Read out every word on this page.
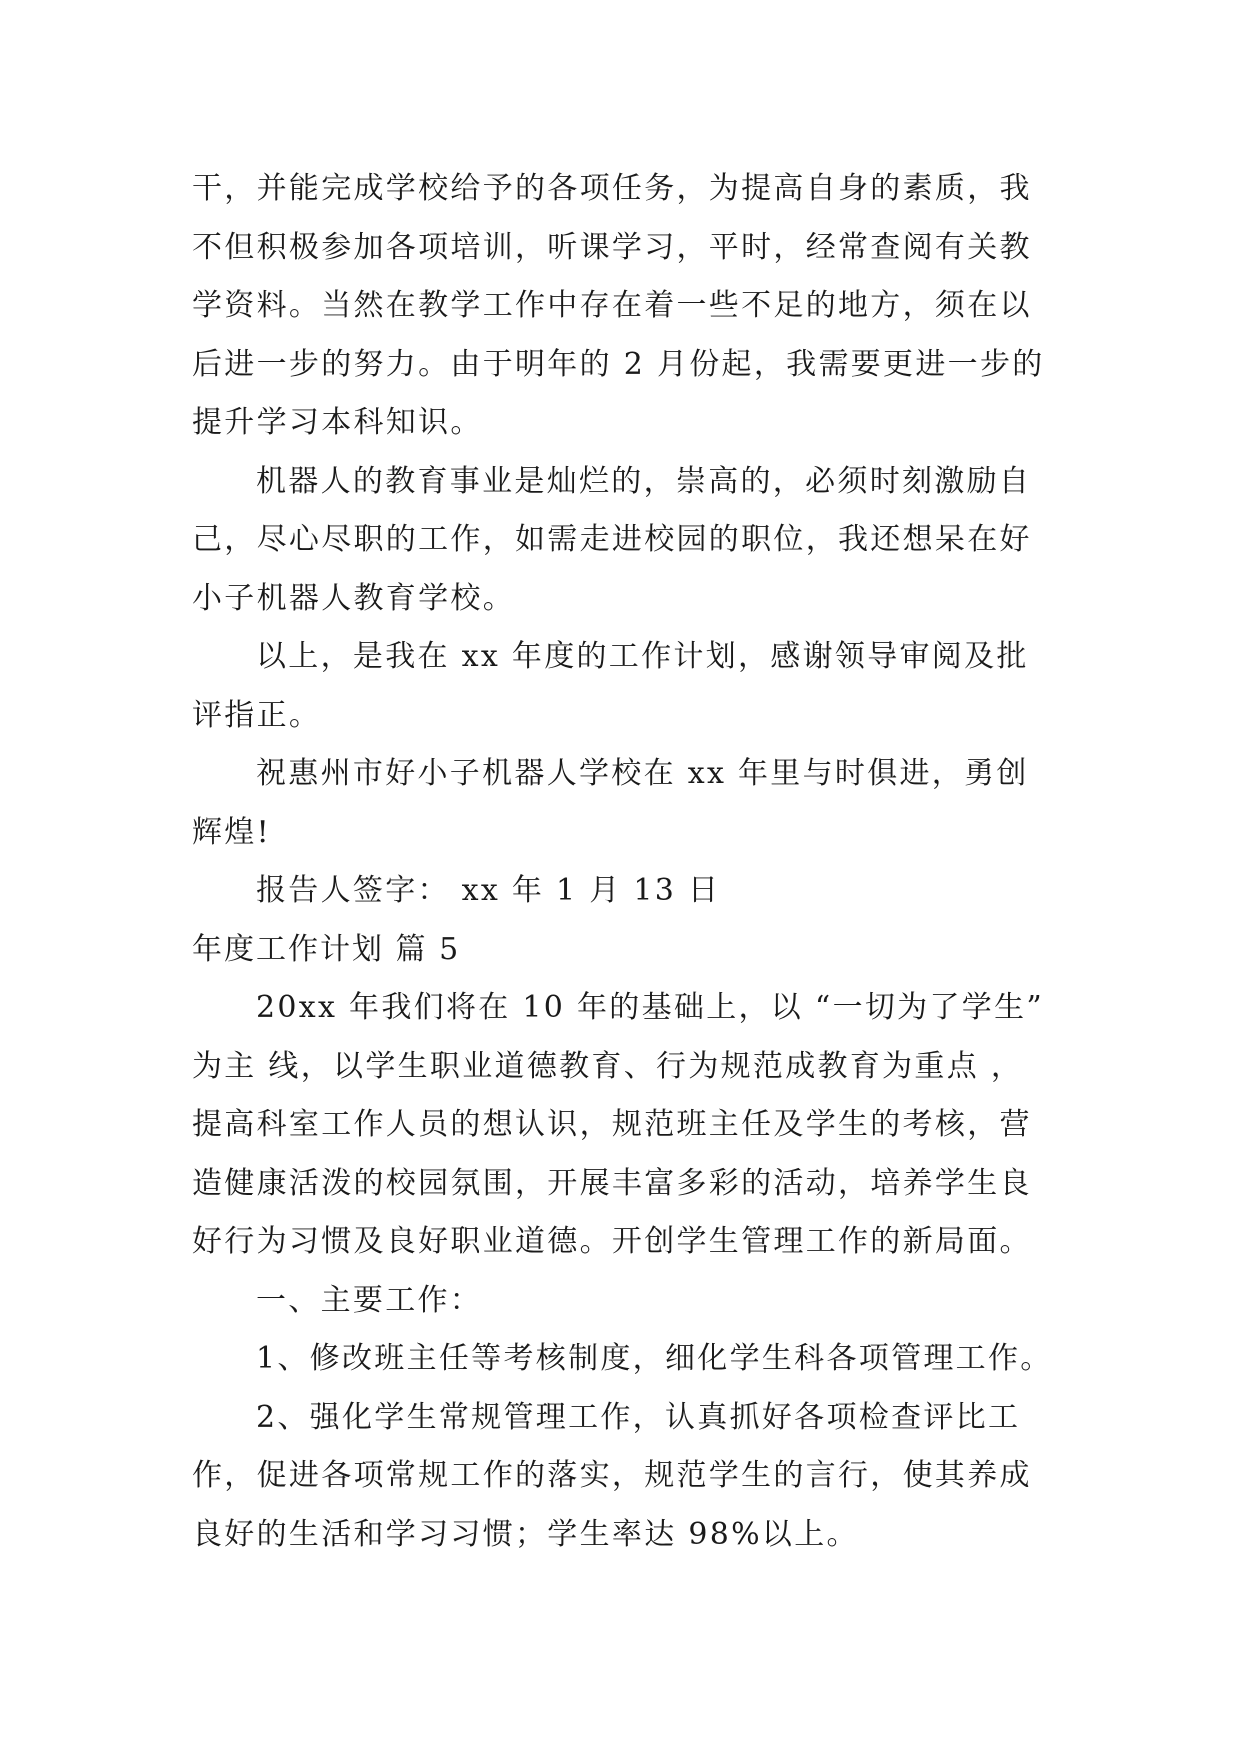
干，并能完成学校给予的各项任务，为提高自身的素质，我

不但积极参加各项培训，听课学习，平时，经常查阅有关教

学资料。当然在教学工作中存在着一些不足的地方，须在以

后进一步的努力。由于明年的 2 月份起，我需要更进一步的

提升学习本科知识。

机器人的教育事业是灿烂的，崇高的，必须时刻激励自

己，尽心尽职的工作，如需走进校园的职位，我还想呆在好

小子机器人教育学校。

以上，是我在 xx 年度的工作计划，感谢领导审阅及批

评指正。

祝惠州市好小子机器人学校在 xx 年里与时俱进，勇创

辉煌!

报告人签字： xx 年 1 月 13 日

年度工作计划 篇 5

20xx 年我们将在 10 年的基础上，以 “一切为了学生”

为主 线，以学生职业道德教育、行为规范成教育为重点 ，

提高科室工作人员的想认识，规范班主任及学生的考核，营

造健康活泼的校园氛围，开展丰富多彩的活动，培养学生良

好行为习惯及良好职业道德。开创学生管理工作的新局面。

一、主要工作：

1、修改班主任等考核制度，细化学生科各项管理工作。

2、强化学生常规管理工作，认真抓好各项检查评比工

作，促进各项常规工作的落实，规范学生的言行，使其养成

良好的生活和学习习惯；学生率达 98%以上。
